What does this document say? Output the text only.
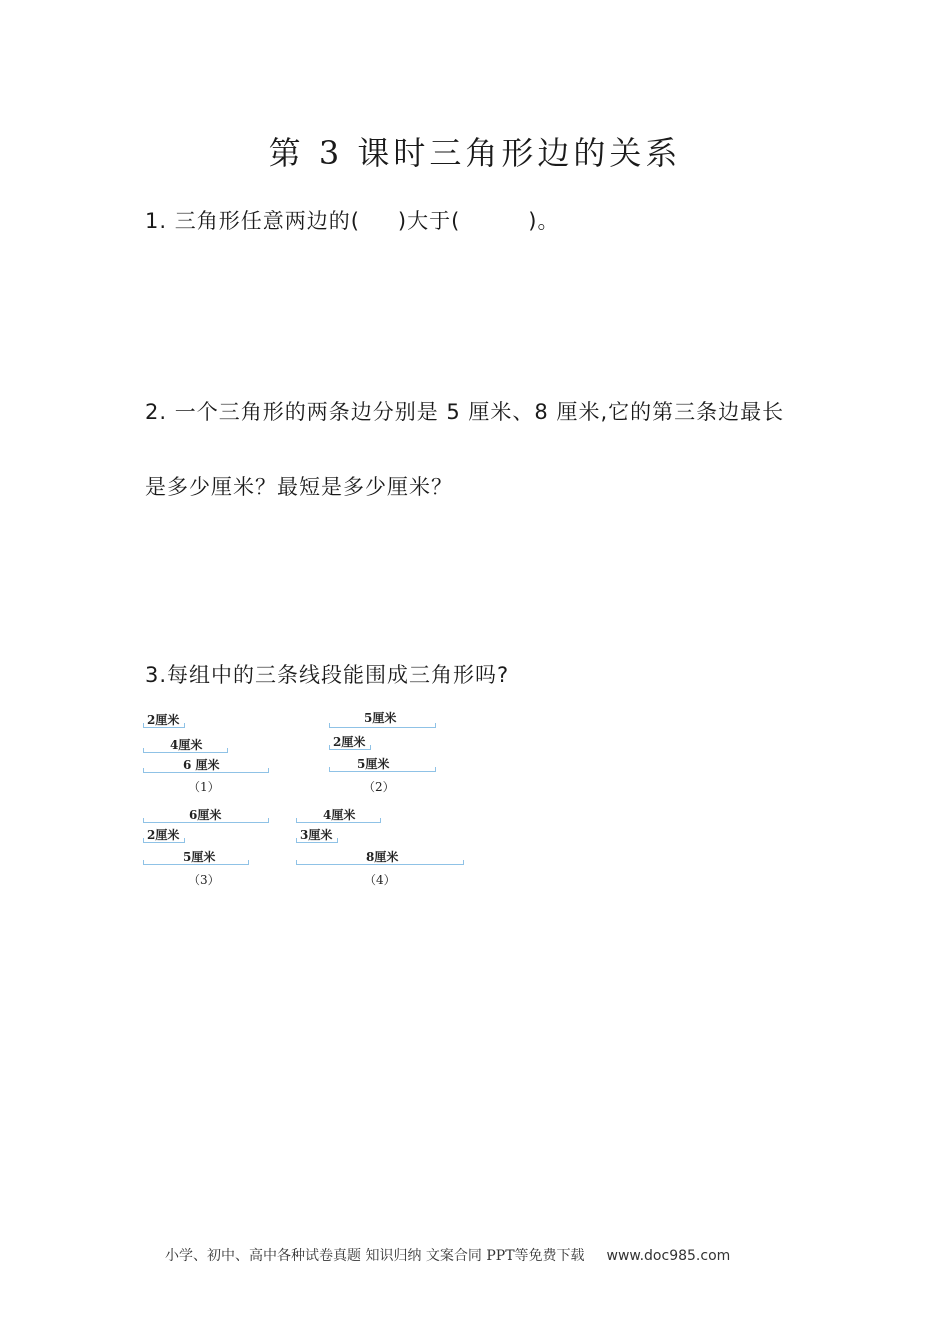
第 3 课时三角形边的关系
1. 三角形任意两边的( )大于(	)。
2. 一个三角形的两条边分别是 5 厘米、8 厘米,它的第三条边最长
是多少厘米？最短是多少厘米？
3.每组中的三条线段能围成三角形吗?
2厘米
4厘米
6 厘米
（1）
5厘米
2厘米
5厘米
（2）
6厘米
2厘米
5厘米
（3）
4厘米
3厘米
8厘米
（4）
小学、初中、高中各种试卷真题 知识归纳 文案合同 PPT等免费下载 www.doc985.com
